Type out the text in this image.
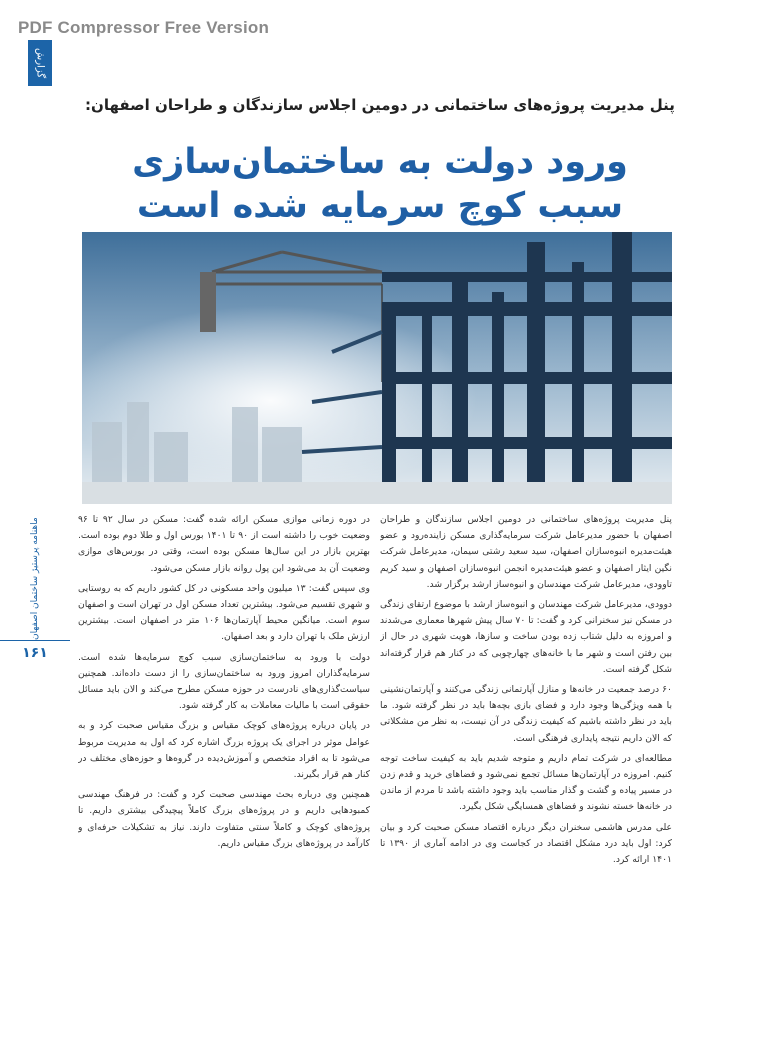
PDF Compressor Free Version
گزارش
پنل مدیریت پروژه‌های ساختمانی در دومین اجلاس سازندگان و طراحان اصفهان:
ورود دولت به ساختمان‌سازی
سبب کوچ سرمایه شده است
ماهنامه پرستیژ ساختمان اصفهان
۱۶۱

پنل مدیریت پروژه‌های ساختمانی در دومین اجلاس سازندگان و طراحان اصفهان با حضور مدیرعامل شرکت سرمایه‌گذاری مسکن زاینده‌رود و عضو هیئت‌مدیره انبوه‌سازان اصفهان، سید سعید رشتی سیمان، مدیرعامل شرکت نگین ایثار اصفهان و عضو هیئت‌مدیره انجمن انبوه‌سازان اصفهان و سید کریم تاوودی، مدیرعامل شرکت مهندسان و انبوه‌ساز ارشد برگزار شد.

دوودی، مدیرعامل شرکت مهندسان و انبوه‌ساز ارشد با موضوع ارتقای زندگی در مسکن نیز سخنرانی کرد و گفت: تا ۷۰ سال پیش شهرها معماری می‌شدند و امروزه به دلیل شتاب زده بودن ساخت و سازها، هویت شهری در حال از بین رفتن است و شهر ما با خانه‌های چهارچوبی که در کنار هم قرار گرفته‌اند شکل گرفته است.

۶۰ درصد جمعیت در خانه‌ها و منازل آپارتمانی زندگی می‌کنند و آپارتمان‌نشینی با همه ویژگی‌ها وجود دارد و فضای بازی بچه‌ها باید در نظر گرفته شود. ما باید در نظر داشته باشیم که کیفیت زندگی در آن نیست، به نظر من مشکلاتی که الان داریم نتیجه پایداری فرهنگی است.

مطالعه‌ای در شرکت تمام داریم و متوجه شدیم باید به کیفیت ساخت توجه کنیم. امروزه در آپارتمان‌ها مسائل تجمع نمی‌شود و فضاهای خرید و قدم زدن در مسیر پیاده و گشت و گذار مناسب باید وجود داشته باشد تا مردم از ماندن در خانه‌ها خسته نشوند و فضاهای همسایگی شکل بگیرد.

علی مدرس هاشمی سخنران دیگر درباره اقتصاد مسکن صحبت کرد و بیان کرد: اول باید درد مشکل اقتصاد در کجاست وی در ادامه آماری از ۱۳۹۰ تا ۱۴۰۱ ارائه کرد.

در دوره زمانی موازی مسکن ارائه شده گفت: مسکن در سال ۹۲ تا ۹۶ وضعیت خوب را داشته است از ۹۰ تا ۱۴۰۱ بورس اول و طلا دوم بوده است. بهترین بازار در این سال‌ها مسکن بوده است، وقتی در بورس‌های موازی وضعیت آن بد می‌شود این پول روانه بازار مسکن می‌شود.

وی سپس گفت: ۱۳ میلیون واحد مسکونی در کل کشور داریم که به روستایی و شهری تقسیم می‌شود. بیشترین تعداد مسکن اول در تهران است و اصفهان سوم است. میانگین محیط آپارتمان‌ها ۱۰۶ متر در اصفهان است. بیشترین ارزش ملک با تهران دارد و بعد اصفهان.

دولت با ورود به ساختمان‌سازی سبب کوچ سرمایه‌ها شده است. سرمایه‌گذاران امروز ورود به ساختمان‌سازی را از دست داده‌اند. همچنین سیاست‌گذاری‌های نادرست در حوزه مسکن مطرح می‌کند و الان باید مسائل حقوقی است با مالیات معاملات به کار گرفته شود.

در پایان درباره پروژه‌های کوچک مقیاس و بزرگ مقیاس صحبت کرد و به عوامل موثر در اجرای یک پروژه بزرگ اشاره کرد که اول به مدیریت مربوط می‌شود تا به افراد متخصص و آموزش‌دیده در گروه‌ها و حوزه‌های مختلف در کنار هم قرار بگیرند.

همچنین وی درباره بحث مهندسی صحبت کرد و گفت: در فرهنگ مهندسی کمبودهایی داریم و در پروژه‌های بزرگ کاملاً پیچیدگی بیشتری داریم. تا پروژه‌های کوچک و کاملاً سنتی متفاوت دارند. نیاز به تشکیلات حرفه‌ای و کارآمد در پروژه‌های بزرگ مقیاس داریم.
